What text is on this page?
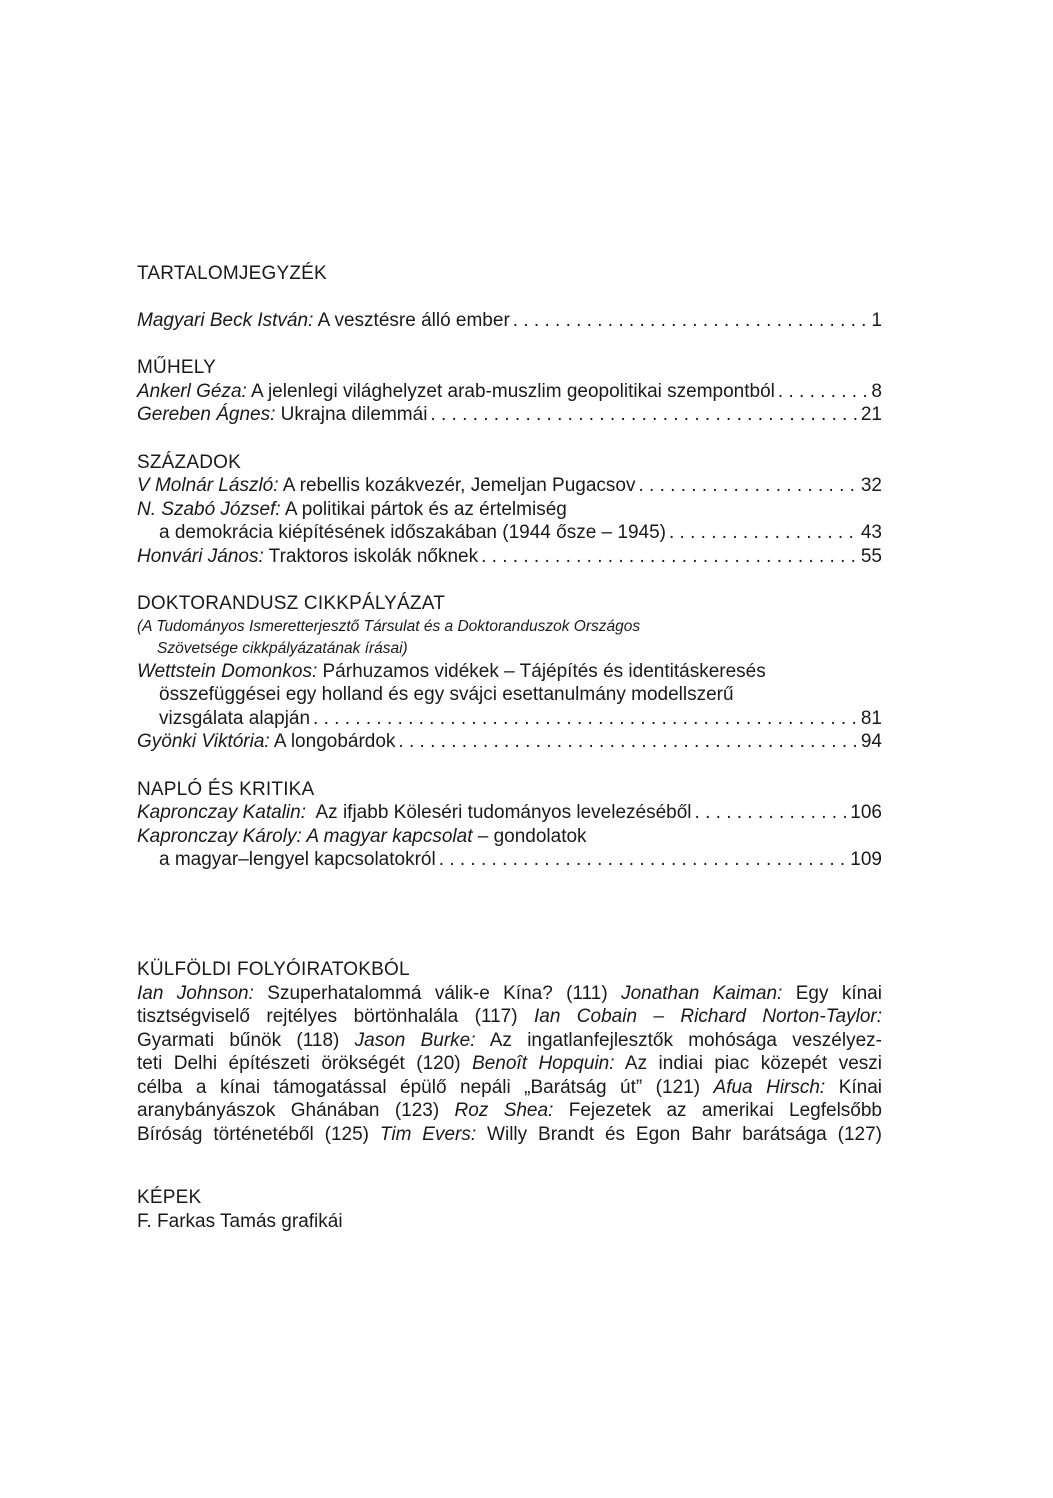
TARTALOMJEGYZÉK
Magyari Beck István: A vesztésre álló ember . . .	1
MŰHELY
Ankerl Géza: A jelenlegi világhelyzet arab-muszlim geopolitikai szempontból . . .	8
Gereben Ágnes: Ukrajna dilemmái . . .	21
SZÁZADOK
V Molnár László: A rebellis kozákvezér, Jemeljan Pugacsov . . .	32
N. Szabó József: A politikai pártok és az értelmiség
a demokrácia kiépítésének időszakában (1944 ősze – 1945) . . .	43
Honvári János: Traktoros iskolák nőknek . . .	55
DOKTORANDUSZ CIKKPÁLYÁZAT
(A Tudományos Ismeretterjesztő Társulat és a Doktoranduszok Országos
Szövetsége cikkpályázatának írásai)
Wettstein Domonkos: Párhuzamos vidékek – Tájépítés és identitáskeresés
összefüggései egy holland és egy svájci esettanulmány modellszerű
vizsgálata alapján . . .	81
Gyönki Viktória: A longobárdok . . .	94
NAPLÓ ÉS KRITIKA
Kapronczay Katalin:  Az ifjabb Köleséri tudományos levelezéséből . . .	106
Kapronczay Károly: A magyar kapcsolat – gondolatok
a magyar–lengyel kapcsolatokról . . .	109
KÜLFÖLDI FOLYÓIRATOKBÓL
Ian Johnson: Szuperhatalommá válik-e Kína? (111) Jonathan Kaiman: Egy kínai
tisztségviselő rejtélyes börtönhalála (117) Ian Cobain – Richard Norton-Taylor:
Gyarmati bűnök (118) Jason Burke: Az ingatlanfejlesztők mohósága veszélyez-
teti Delhi építészeti örökségét (120) Benoît Hopquin: Az indiai piac közepét veszi
célba a kínai támogatással épülő nepáli „Barátság út” (121) Afua Hirsch: Kínai
aranybányászok Ghánában (123) Roz Shea: Fejezetek az amerikai Legfelsőbb
Bíróság történetéből (125) Tim Evers: Willy Brandt és Egon Bahr barátsága (127)
KÉPEK
F. Farkas Tamás grafikái
